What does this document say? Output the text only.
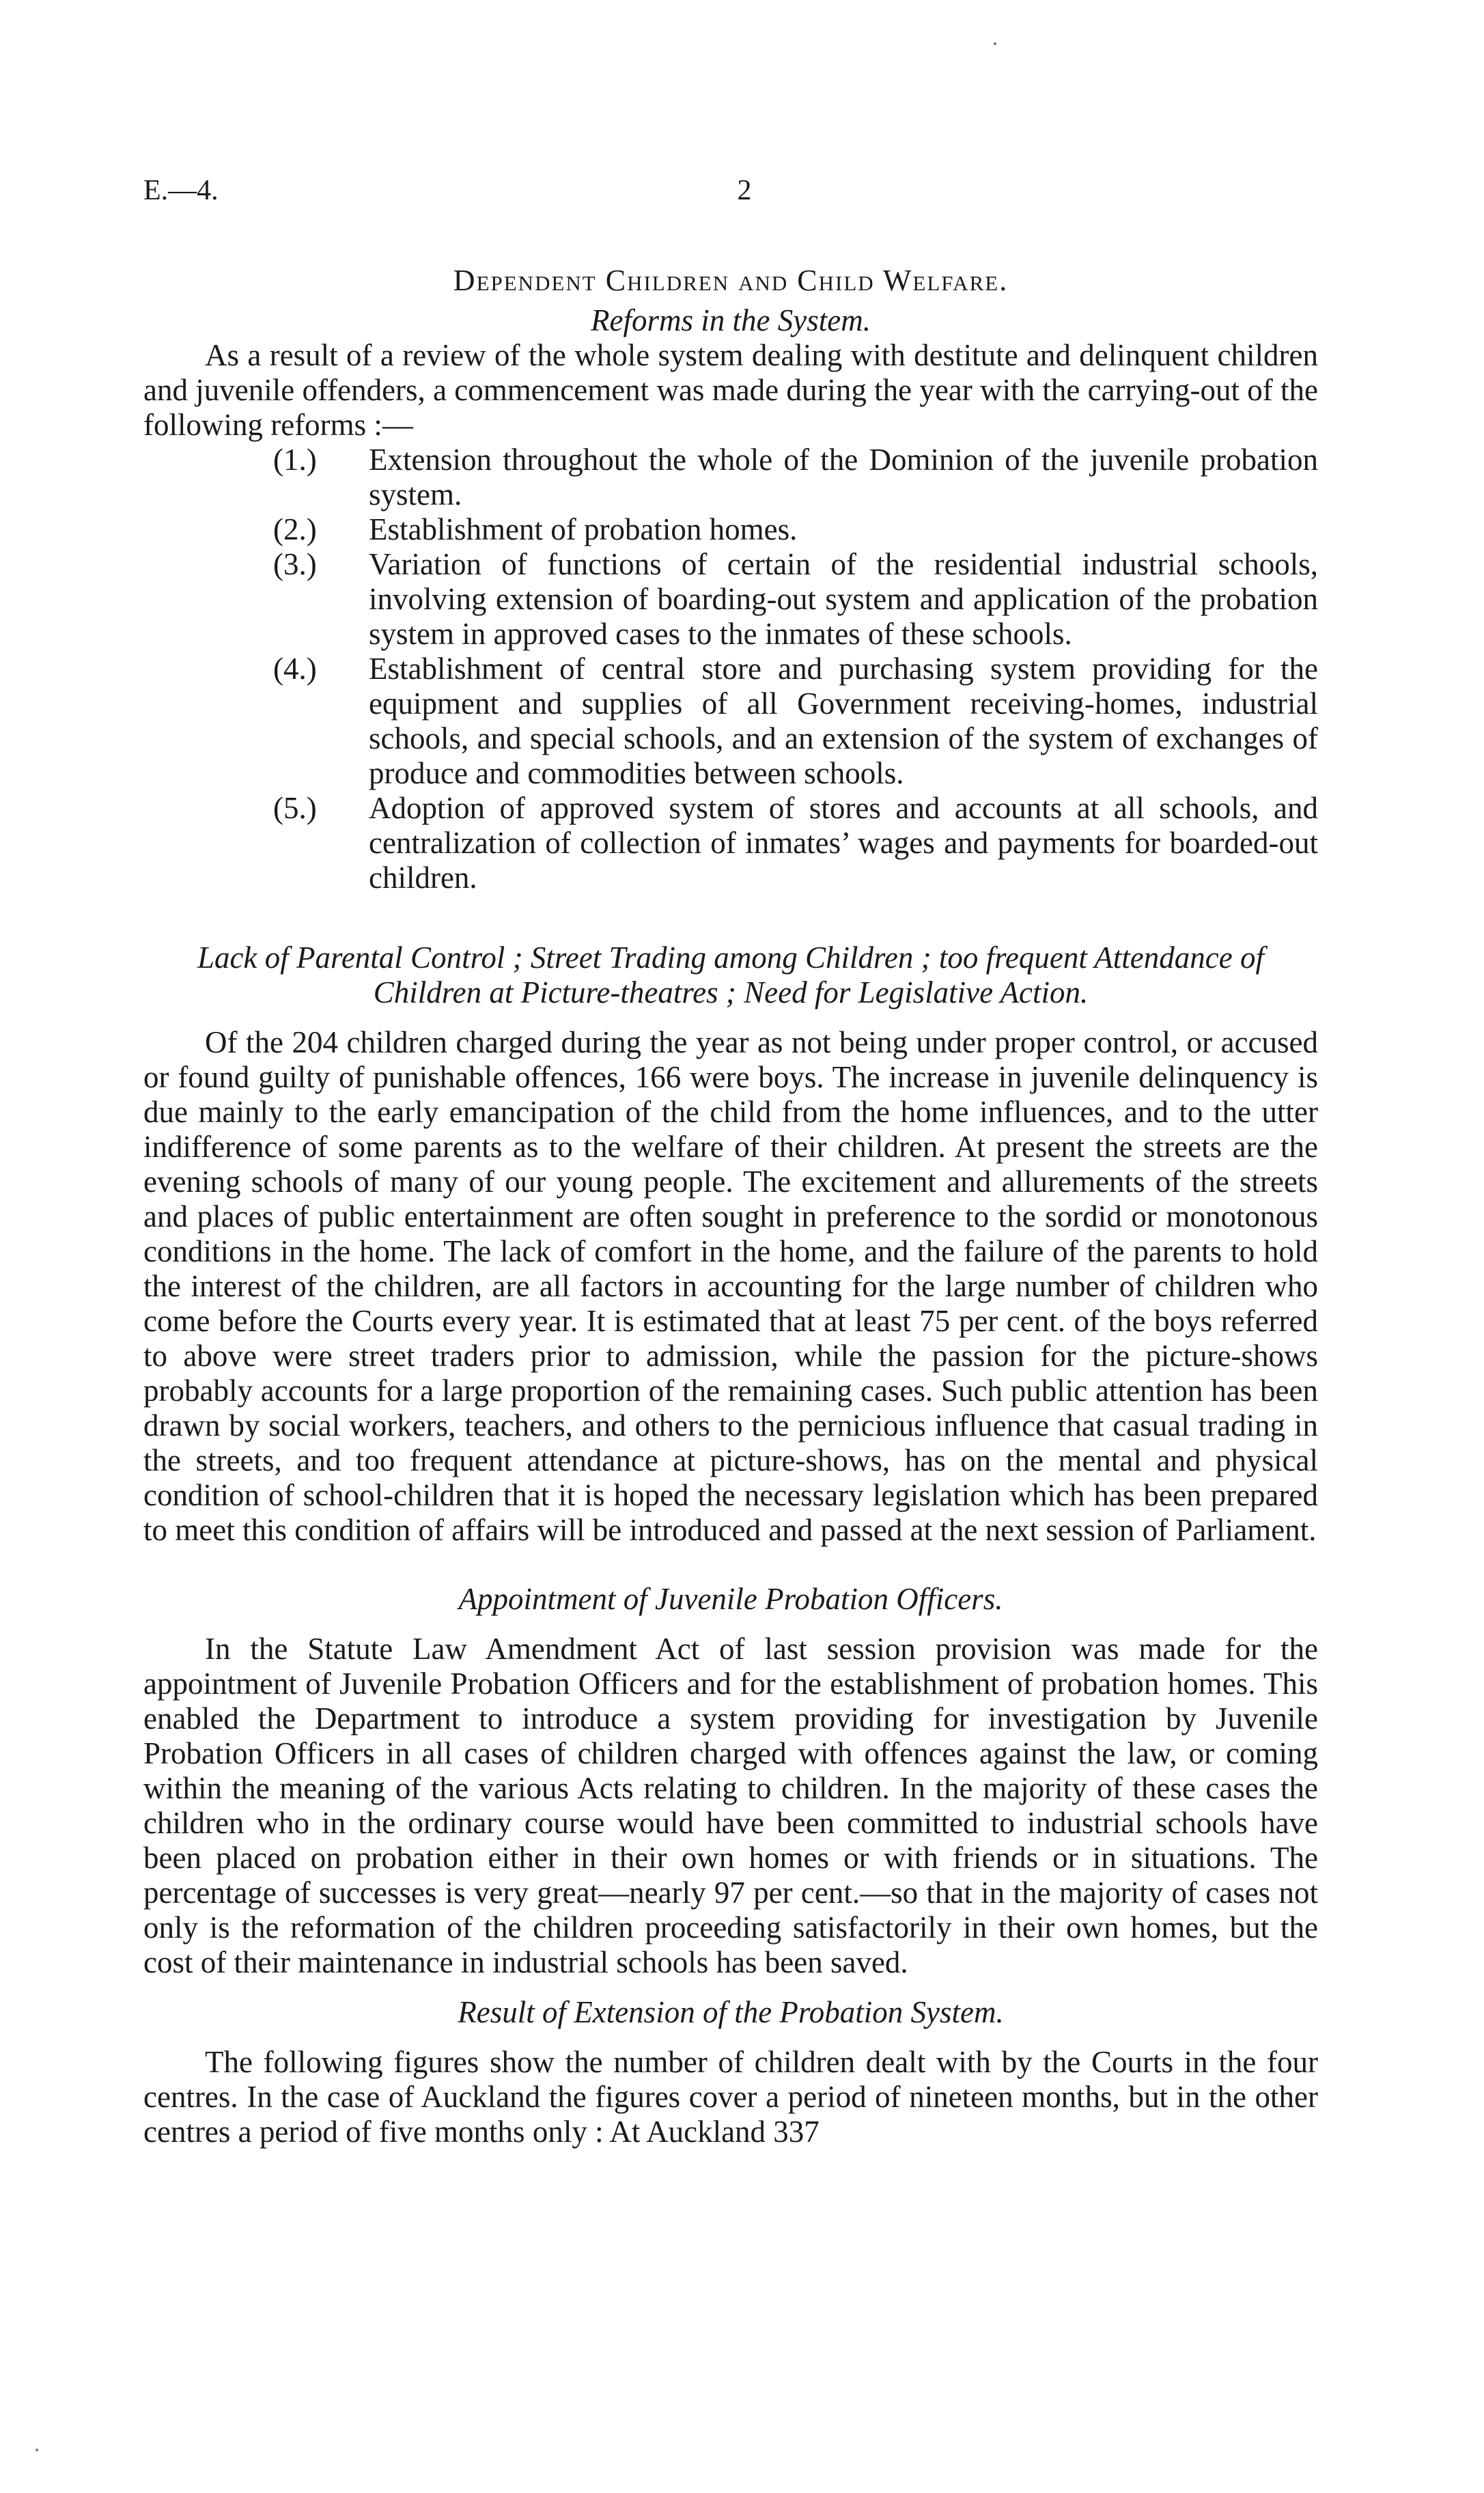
E.—4.	2
Dependent Children and Child Welfare.
Reforms in the System.

As a result of a review of the whole system dealing with destitute and delinquent children and juvenile offenders, a commencement was made during the year with the carrying-out of the following reforms :—

(1.) Extension throughout the whole of the Dominion of the juvenile probation system.
(2.) Establishment of probation homes.
(3.) Variation of functions of certain of the residential industrial schools, involving extension of boarding-out system and application of the probation system in approved cases to the inmates of these schools.
(4.) Establishment of central store and purchasing system providing for the equipment and supplies of all Government receiving-homes, industrial schools, and special schools, and an extension of the system of exchanges of produce and commodities between schools.
(5.) Adoption of approved system of stores and accounts at all schools, and centralization of collection of inmates’ wages and payments for boarded-out children.
Lack of Parental Control ; Street Trading among Children ; too frequent Attendance of Children at Picture-theatres ; Need for Legislative Action.

Of the 204 children charged during the year as not being under proper control, or accused or found guilty of punishable offences, 166 were boys. The increase in juvenile delinquency is due mainly to the early emancipation of the child from the home influences, and to the utter indifference of some parents as to the welfare of their children. At present the streets are the evening schools of many of our young people. The excitement and allurements of the streets and places of public entertainment are often sought in preference to the sordid or monotonous conditions in the home. The lack of comfort in the home, and the failure of the parents to hold the interest of the children, are all factors in accounting for the large number of children who come before the Courts every year. It is estimated that at least 75 per cent. of the boys referred to above were street traders prior to admission, while the passion for the picture-shows probably accounts for a large proportion of the remaining cases. Such public attention has been drawn by social workers, teachers, and others to the pernicious influence that casual trading in the streets, and too frequent attendance at picture-shows, has on the mental and physical condition of school-children that it is hoped the necessary legislation which has been prepared to meet this condition of affairs will be introduced and passed at the next session of Parliament.

Appointment of Juvenile Probation Officers.

In the Statute Law Amendment Act of last session provision was made for the appointment of Juvenile Probation Officers and for the establishment of probation homes. This enabled the Department to introduce a system providing for investigation by Juvenile Probation Officers in all cases of children charged with offences against the law, or coming within the meaning of the various Acts relating to children. In the majority of these cases the children who in the ordinary course would have been committed to industrial schools have been placed on probation either in their own homes or with friends or in situations. The percentage of successes is very great—nearly 97 per cent.—so that in the majority of cases not only is the reformation of the children proceeding satisfactorily in their own homes, but the cost of their maintenance in industrial schools has been saved.

Result of Extension of the Probation System.

The following figures show the number of children dealt with by the Courts in the four centres. In the case of Auckland the figures cover a period of nineteen months, but in the other centres a period of five months only : At Auckland 337
